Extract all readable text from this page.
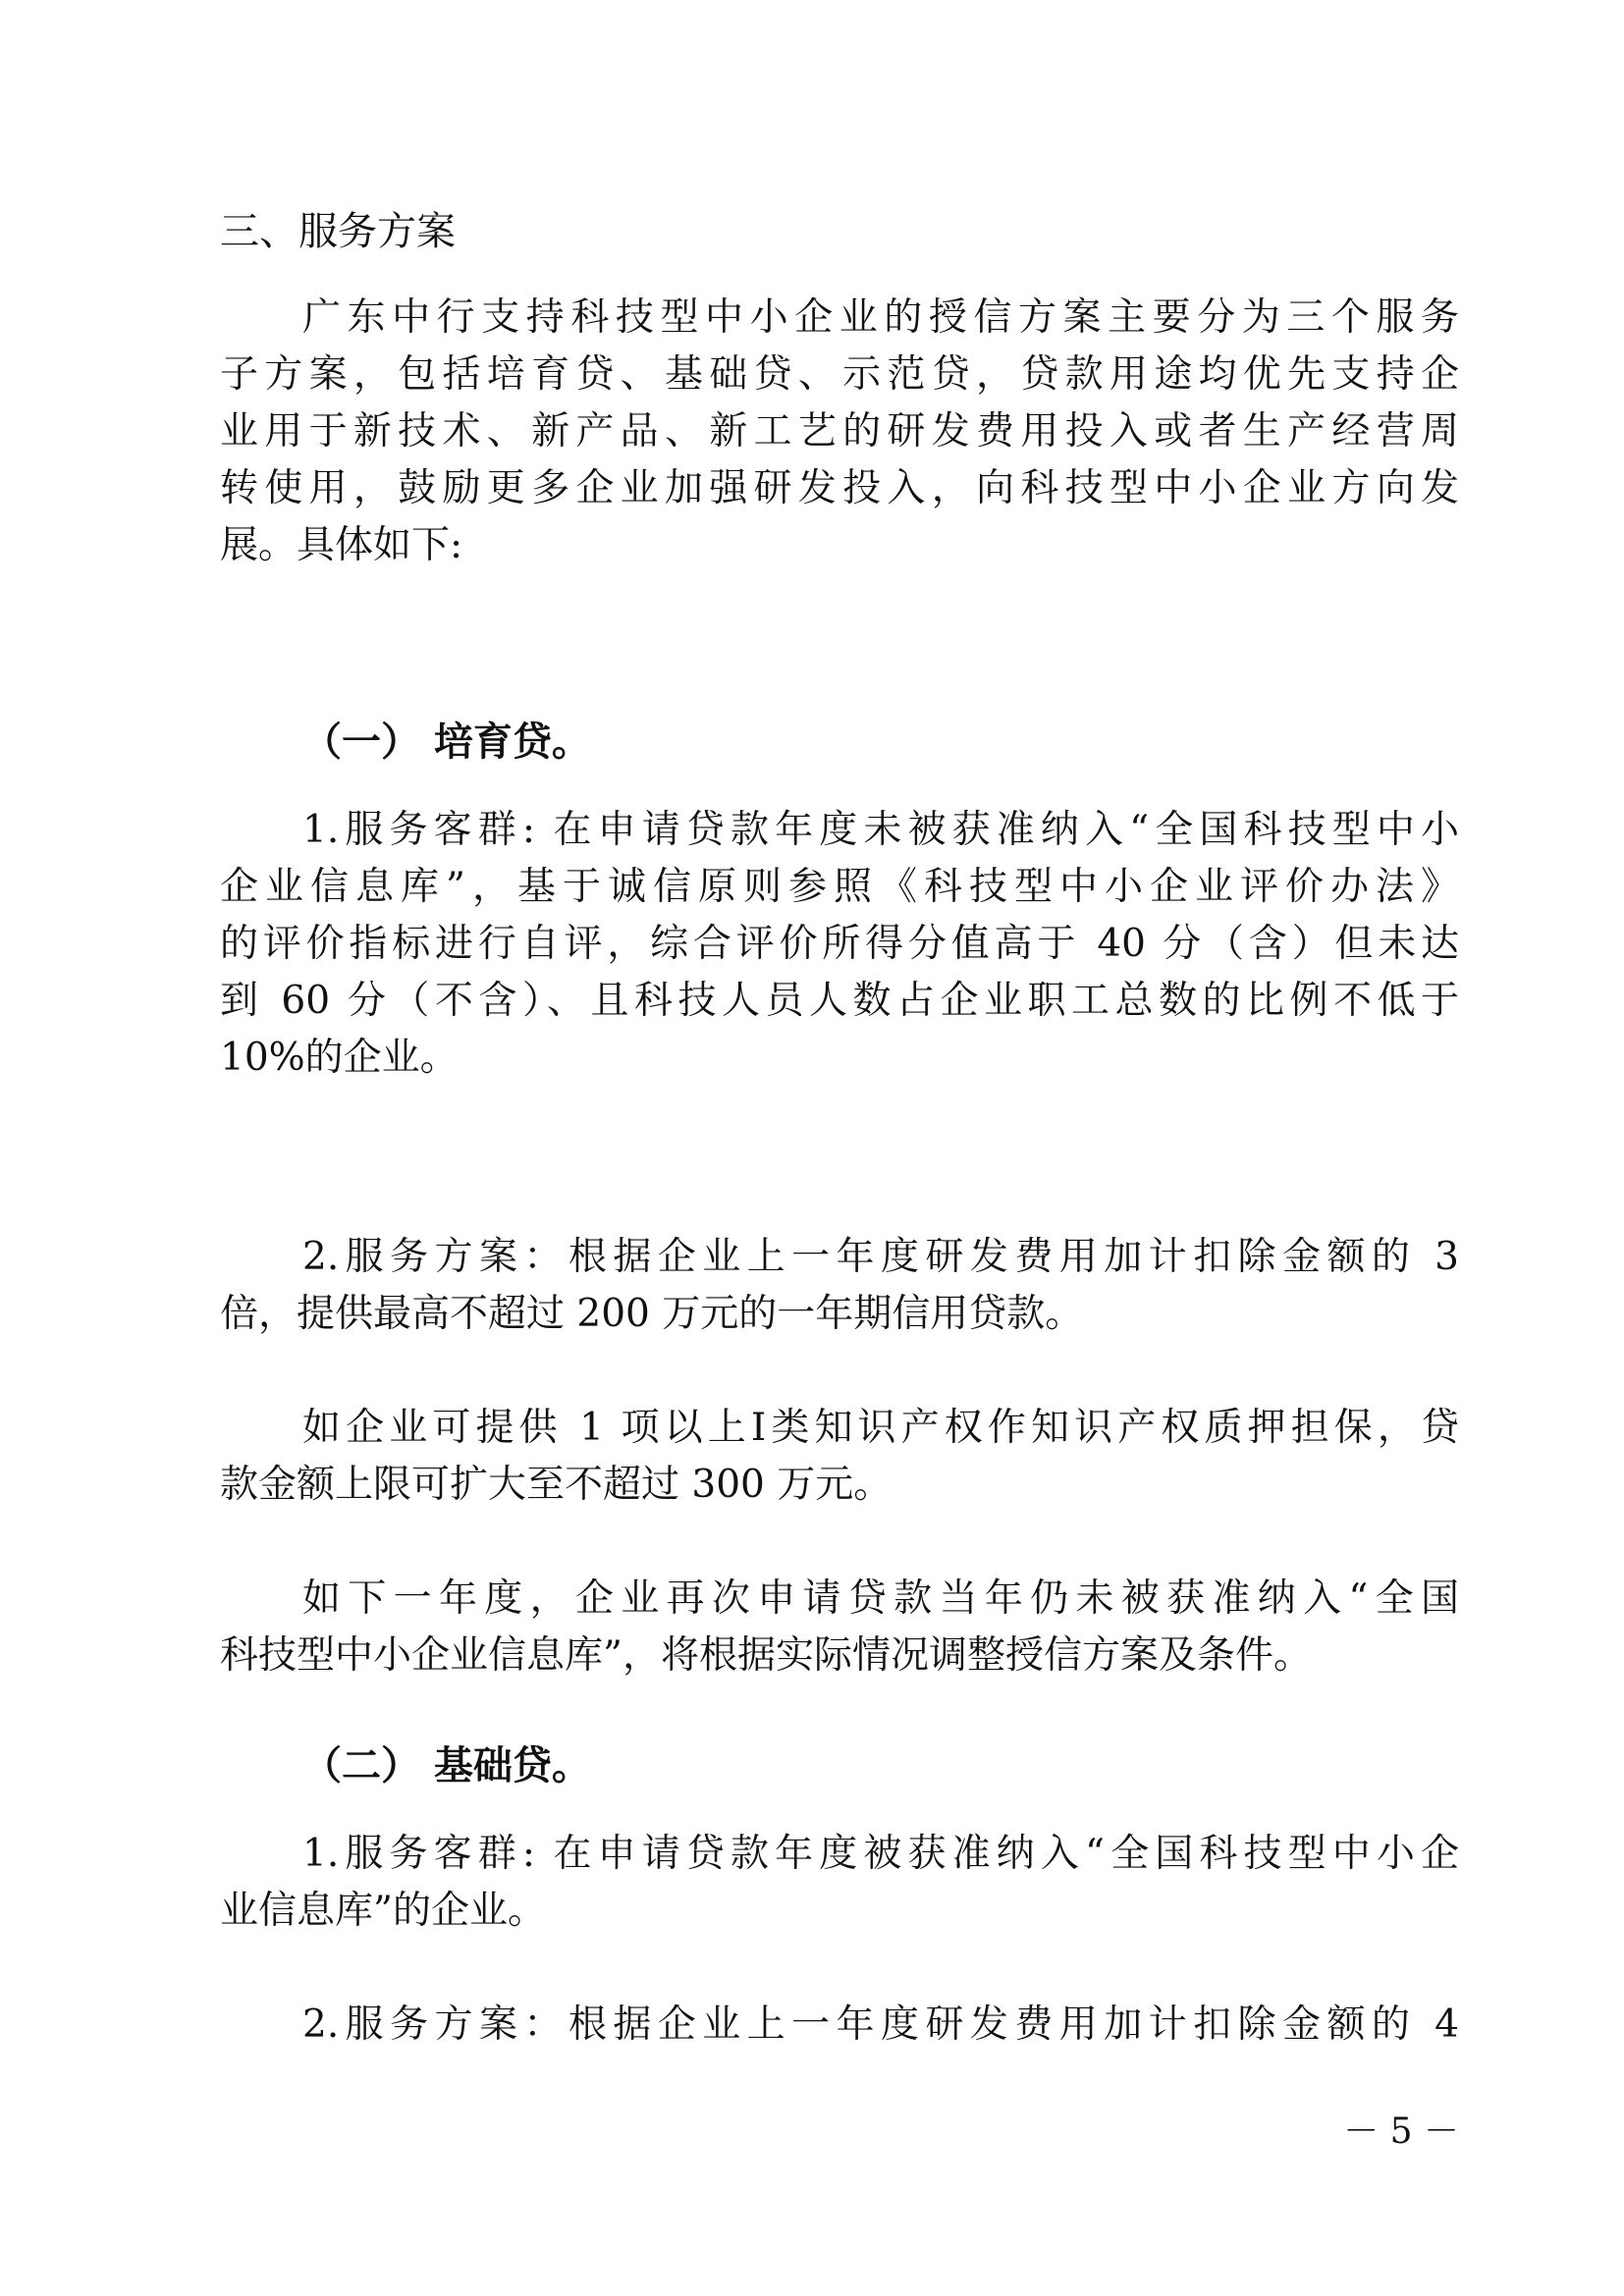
三、服务方案
广东中行支持科技型中小企业的授信方案主要分为三个服务
子方案，包括培育贷、基础贷、示范贷，贷款用途均优先支持企
业用于新技术、新产品、新工艺的研发费用投入或者生产经营周
转使用，鼓励更多企业加强研发投入，向科技型中小企业方向发
展。具体如下:
（一） 培育贷。
1.服务客群: 在申请贷款年度未被获准纳入“全国科技型中小
企业信息库”，基于诚信原则参照《科技型中小企业评价办法》
的评价指标进行自评，综合评价所得分值高于 40 分（含）但未达
到 60 分（不含）、且科技人员人数占企业职工总数的比例不低于
10%的企业。
2.服务方案：根据企业上一年度研发费用加计扣除金额的 3
倍，提供最高不超过 200 万元的一年期信用贷款。
如企业可提供 1 项以上I类知识产权作知识产权质押担保，贷
款金额上限可扩大至不超过 300 万元。
如下一年度，企业再次申请贷款当年仍未被获准纳入“全国
科技型中小企业信息库”，将根据实际情况调整授信方案及条件。
（二） 基础贷。
1.服务客群: 在申请贷款年度被获准纳入“全国科技型中小企
业信息库”的企业。
2.服务方案：根据企业上一年度研发费用加计扣除金额的 4
－ 5 －
